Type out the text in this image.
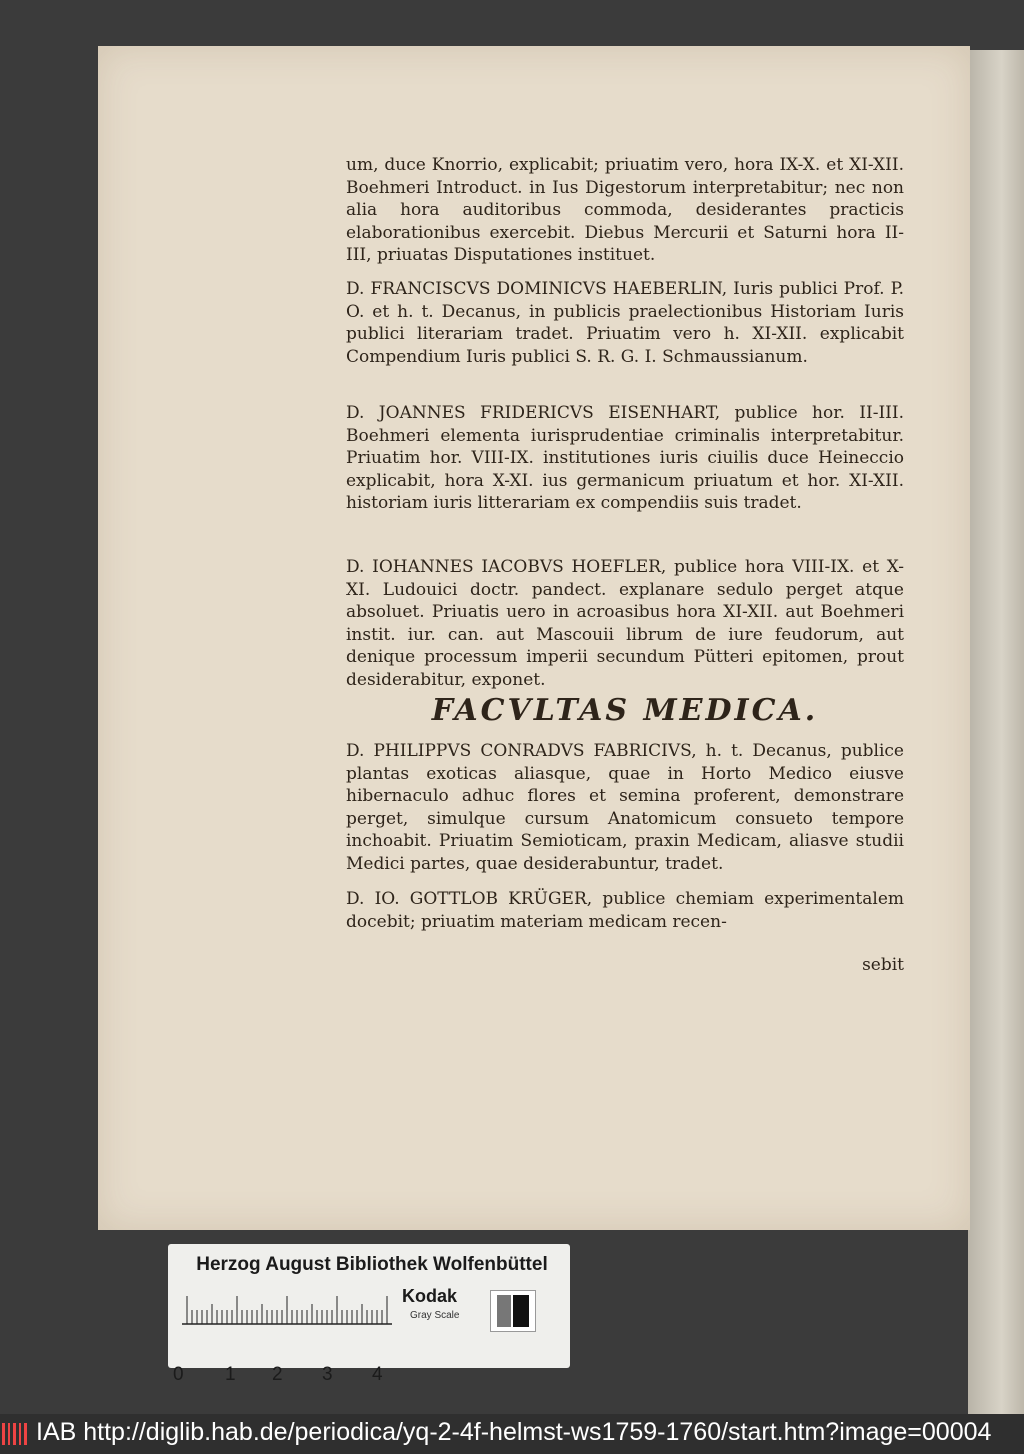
um, duce Knorrio, explicabit; priuatim vero, hora IX-X. et XI-XII. Boehmeri Introduct. in Ius Digestorum interpretabitur; nec non alia hora auditoribus commoda, desiderantes practicis elaborationibus exercebit. Diebus Mercurii et Saturni hora II-III, priuatas Disputationes instituet.

D. FRANCISCVS DOMINICVS HAEBERLIN, Iuris publici Prof. P. O. et h. t. Decanus, in publicis praelectionibus Historiam Iuris publici literariam tradet. Priuatim vero h. XI-XII. explicabit Compendium Iuris publici S. R. G. I. Schmaussianum.

D. JOANNES FRIDERICVS EISENHART, publice hor. II-III. Boehmeri elementa iurisprudentiae criminalis interpretabitur. Priuatim hor. VIII-IX. institutiones iuris ciuilis duce Heineccio explicabit, hora X-XI. ius germanicum priuatum et hor. XI-XII. historiam iuris litterariam ex compendiis suis tradet.

D. IOHANNES IACOBVS HOEFLER, publice hora VIII-IX. et X-XI. Ludouici doctr. pandect. explanare sedulo perget atque absoluet. Priuatis uero in acroasibus hora XI-XII. aut Boehmeri instit. iur. can. aut Mascouii librum de iure feudorum, aut denique processum imperii secundum Pütteri epitomen, prout desiderabitur, exponet.

FACVLTAS MEDICA.

D. PHILIPPVS CONRADVS FABRICIVS, h. t. Decanus, publice plantas exoticas aliasque, quae in Horto Medico eiusve hibernaculo adhuc flores et semina proferent, demonstrare perget, simulque cursum Anatomicum consueto tempore inchoabit. Priuatim Semioticam, praxin Medicam, aliasve studii Medici partes, quae desiderabuntur, tradet.

D. IO. GOTTLOB KRÜGER, publice chemiam experimentalem docebit; priuatim materiam medicam recen-

sebit
Herzog August Bibliothek Wolfenbüttel
0 1 2 3 4
Kodak
Gray Scale
IAB http://diglib.hab.de/periodica/yq-2-4f-helmst-ws1759-1760/start.htm?image=00004
